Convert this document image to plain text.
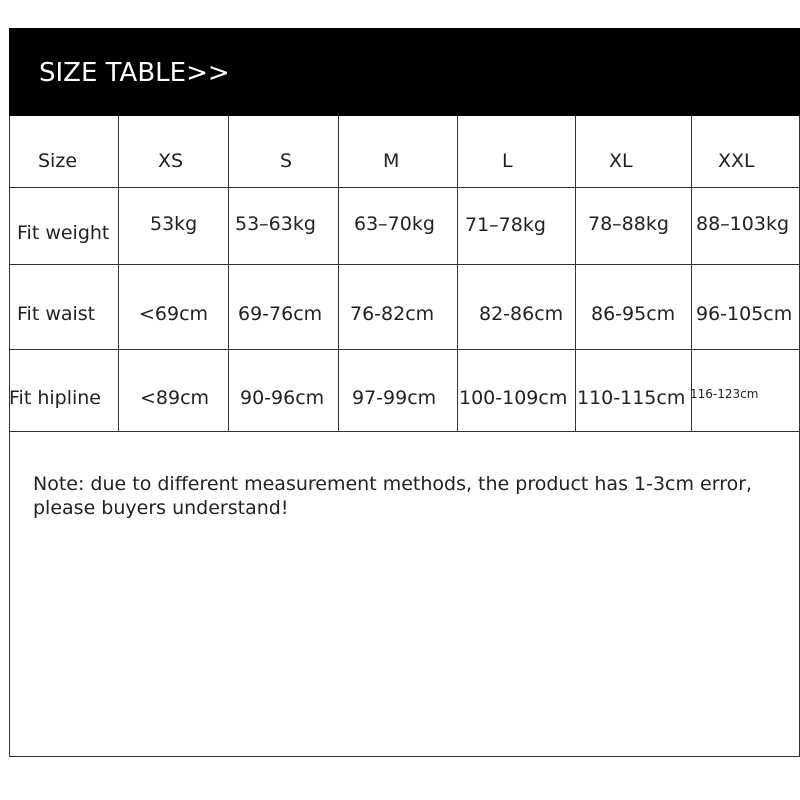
SIZE TABLE>>
Size	XS	S	M	L	XL	XXL
Fit weight 53kg 53–63kg 63–70kg 71–78kg 78–88kg 88–103kg
Fit waist <69cm 69-76cm 76-82cm 82-86cm 86-95cm 96-105cm
Fit hipline <89cm 90-96cm 97-99cm 100-109cm 110-115cm 116-123cm
Note: due to different measurement methods, the product has 1-3cm error, please buyers understand!
